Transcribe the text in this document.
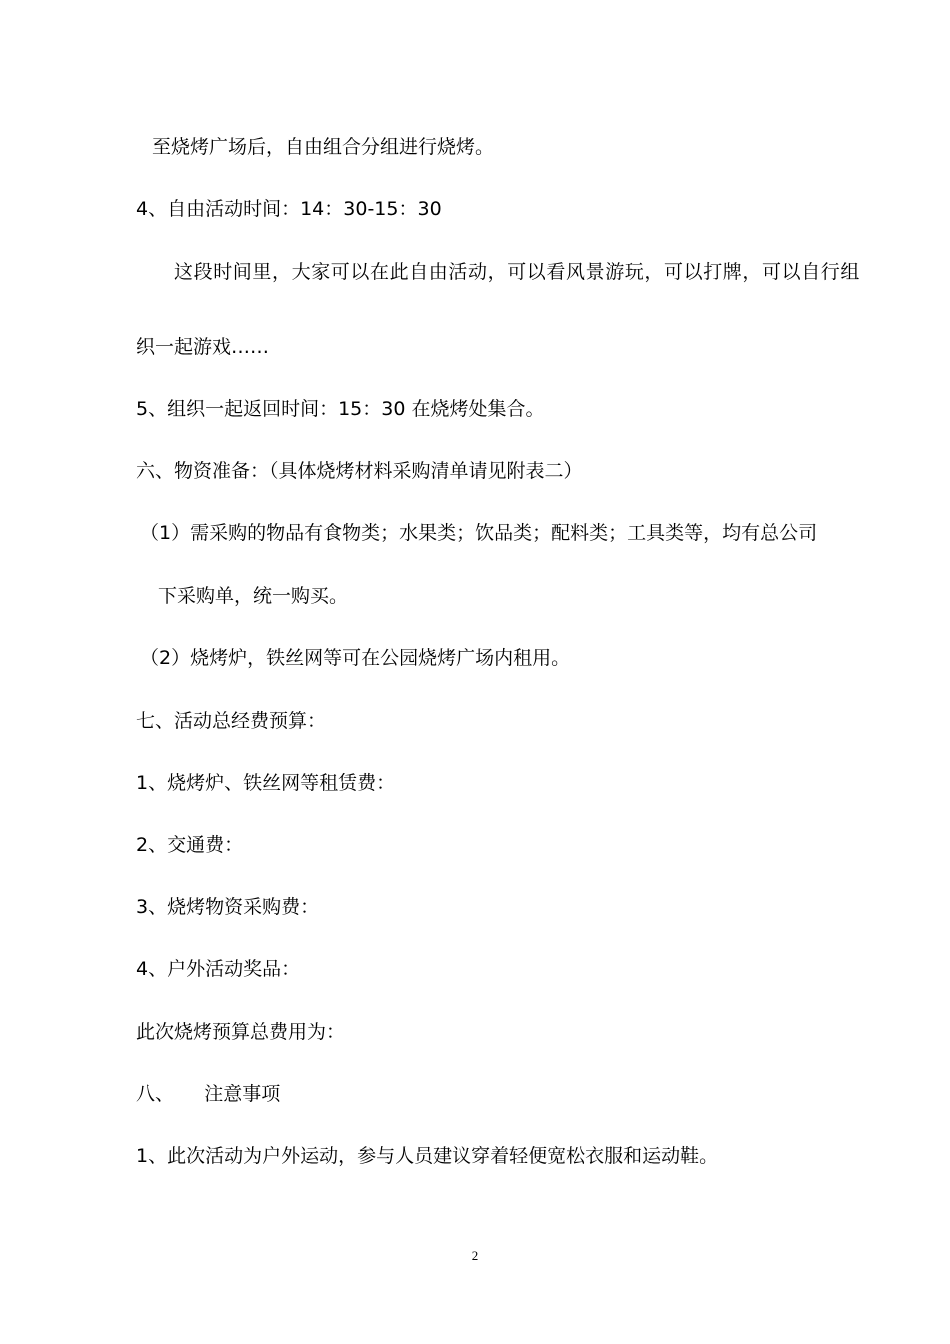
至烧烤广场后，自由组合分组进行烧烤。
4、自由活动时间：14：30-15：30
这段时间里，大家可以在此自由活动，可以看风景游玩，可以打牌，可以自行组
织一起游戏……
5、组织一起返回时间：15：30 在烧烤处集合。
六、物资准备：（具体烧烤材料采购清单请见附表二）
（1）需采购的物品有食物类；水果类；饮品类；配料类；工具类等，均有总公司
下采购单，统一购买。
（2）烧烤炉，铁丝网等可在公园烧烤广场内租用。
七、活动总经费预算：
1、烧烤炉、铁丝网等租赁费：
2、交通费：
3、烧烤物资采购费：
4、户外活动奖品：
此次烧烤预算总费用为：
八、     注意事项
1、此次活动为户外运动，参与人员建议穿着轻便宽松衣服和运动鞋。
2
